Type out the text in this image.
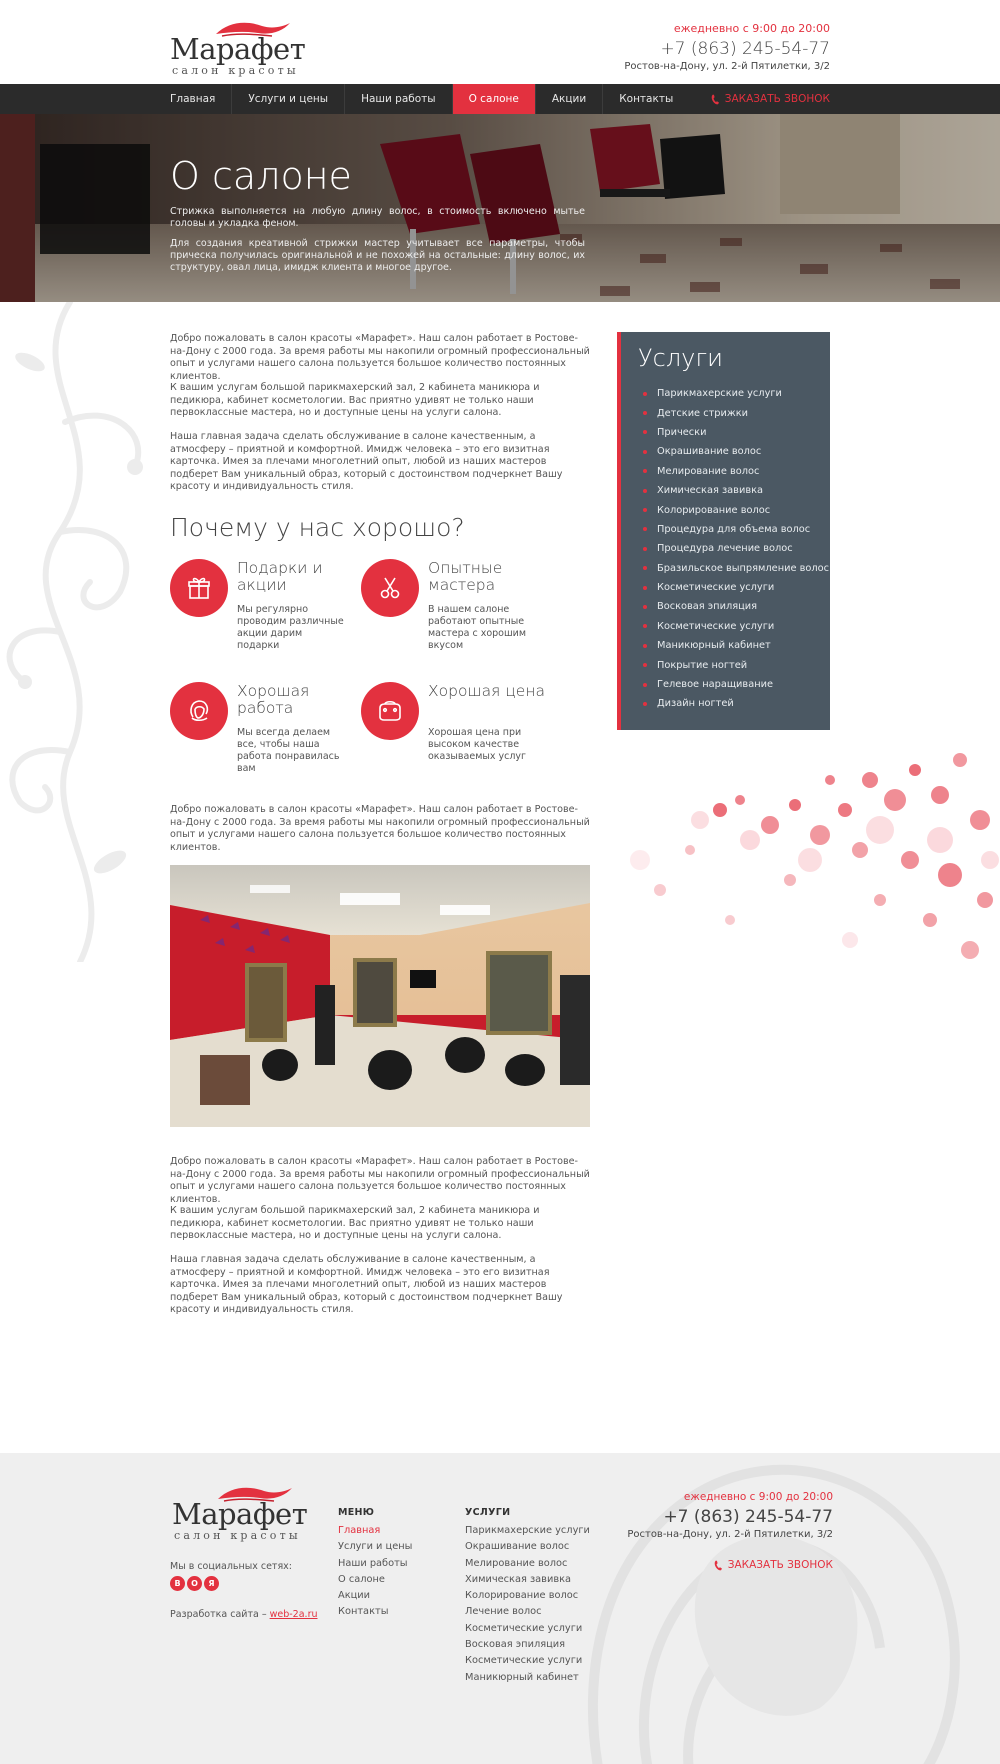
Марафет
салон красоты
ежедневно с 9:00 до 20:00
+7 (863) 245-54-77
Ростов-на-Дону, ул. 2-й Пятилетки, 3/2
Главная	Услуги и цены	Наши работы	О салоне	Акции	Контакты	ЗАКАЗАТЬ ЗВОНОК
О салоне
Стрижка выполняется на любую длину волос, в стоимость включено мытье головы и укладка феном.
Для создания креативной стрижки мастер учитывает все параметры, чтобы прическа получилась оригинальной и не похожей на остальные: длину волос, их структуру, овал лица, имидж клиента и многое другое.
Добро пожаловать в салон красоты «Марафет». Наш салон работает в Ростове-на-Дону с 2000 года. За время работы мы накопили огромный профессиональный опыт и услугами нашего салона пользуется большое количество постоянных клиентов.
К вашим услугам большой парикмахерский зал, 2 кабинета маникюра и педикюра, кабинет косметологии. Вас приятно удивят не только наши первоклассные мастера, но и доступные цены на услуги салона.
Наша главная задача сделать обслуживание в салоне качественным, а атмосферу – приятной и комфортной. Имидж человека – это его визитная карточка. Имея за плечами многолетний опыт, любой из наших мастеров подберет Вам уникальный образ, который с достоинством подчеркнет Вашу красоту и индивидуальность стиля.
Почему у нас хорошо?
Подарки и акции
Мы регулярно проводим различные акции дарим подарки
Опытные мастера
В нашем салоне работают опытные мастера с хорошим вкусом
Хорошая работа
Мы всегда делаем все, чтобы наша работа понравилась вам
Хорошая цена
Хорошая цена при высоком качестве оказываемых услуг
Добро пожаловать в салон красоты «Марафет». Наш салон работает в Ростове-на-Дону с 2000 года. За время работы мы накопили огромный профессиональный опыт и услугами нашего салона пользуется большое количество постоянных клиентов.
Добро пожаловать в салон красоты «Марафет». Наш салон работает в Ростове-на-Дону с 2000 года. За время работы мы накопили огромный профессиональный опыт и услугами нашего салона пользуется большое количество постоянных клиентов.
К вашим услугам большой парикмахерский зал, 2 кабинета маникюра и педикюра, кабинет косметологии. Вас приятно удивят не только наши первоклассные мастера, но и доступные цены на услуги салона.
Наша главная задача сделать обслуживание в салоне качественным, а атмосферу – приятной и комфортной. Имидж человека – это его визитная карточка. Имея за плечами многолетний опыт, любой из наших мастеров подберет Вам уникальный образ, который с достоинством подчеркнет Вашу красоту и индивидуальность стиля.
Услуги
Парикмахерские услуги
Детские стрижки
Прически
Окрашивание волос
Мелирование волос
Химическая завивка
Колорирование волос
Процедура для объема волос
Процедура лечение волос
Бразильское выпрямление волос
Косметические услуги
Восковая эпиляция
Косметические услуги
Маникюрный кабинет
Покрытие ногтей
Гелевое наращивание
Дизайн ногтей
Марафет
салон красоты
Мы в социальных сетях:
В	О	Я
Разработка сайта – web-2a.ru
МЕНЮ
Главная
Услуги и цены
Наши работы
О салоне
Акции
Контакты
УСЛУГИ
Парикмахерские услуги
Окрашивание волос
Мелирование волос
Химическая завивка
Колорирование волос
Лечение волос
Косметические услуги
Восковая эпиляция
Косметические услуги
Маникюрный кабинет
ежедневно с 9:00 до 20:00
+7 (863) 245-54-77
Ростов-на-Дону, ул. 2-й Пятилетки, 3/2
ЗАКАЗАТЬ ЗВОНОК
